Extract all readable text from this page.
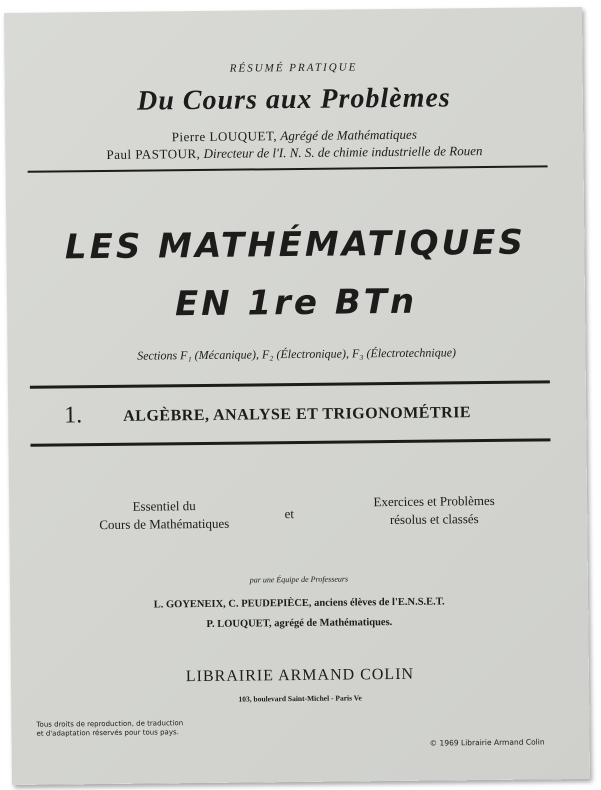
RÉSUMÉ PRATIQUE
Du Cours aux Problèmes
Pierre LOUQUET, Agrégé de Mathématiques
Paul PASTOUR, Directeur de l'I. N. S. de chimie industrielle de Rouen
LES MATHÉMATIQUES
EN 1re BTn
Sections F₁ (Mécanique), F₂ (Électronique), F₃ (Électrotechnique)
1.	ALGÈBRE, ANALYSE ET TRIGONOMÉTRIE
Essentiel du
Cours de Mathématiques
et
Exercices et Problèmes
résolus et classés
par une Équipe de Professeurs
L. GOYENEIX, C. PEUDEPIÈCE, anciens élèves de l'E.N.S.E.T.
P. LOUQUET, agrégé de Mathématiques.
LIBRAIRIE ARMAND COLIN
103, boulevard Saint-Michel - Paris Ve
Tous droits de reproduction, de traduction
et d'adaptation réservés pour tous pays.
© 1969 Librairie Armand Colin
